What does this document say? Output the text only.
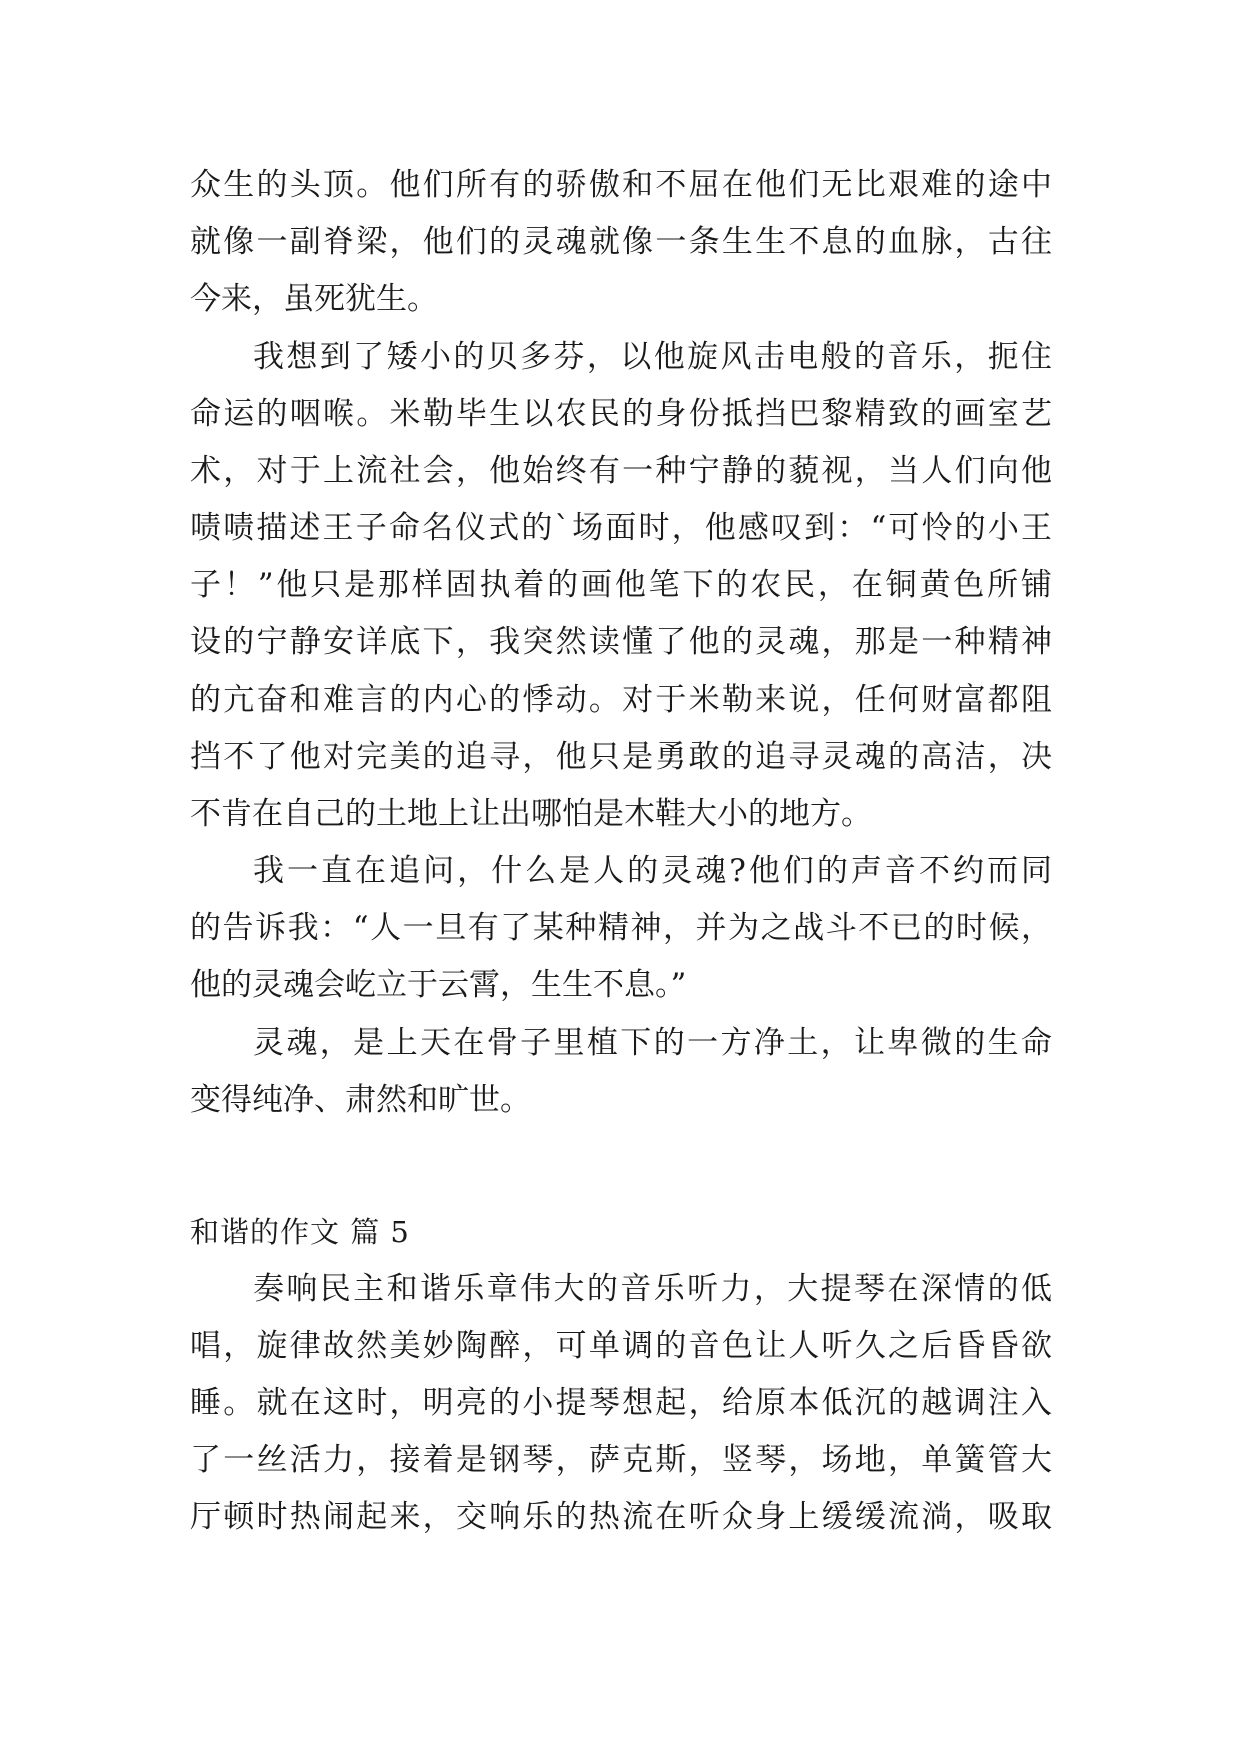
众生的头顶。他们所有的骄傲和不屈在他们无比艰难的途中
就像一副脊梁，他们的灵魂就像一条生生不息的血脉，古往
今来，虽死犹生。
我想到了矮小的贝多芬，以他旋风击电般的音乐，扼住
命运的咽喉。米勒毕生以农民的身份抵挡巴黎精致的画室艺
术，对于上流社会，他始终有一种宁静的藐视，当人们向他
啧啧描述王子命名仪式的`场面时，他感叹到：“可怜的小王
子！”他只是那样固执着的画他笔下的农民，在铜黄色所铺
设的宁静安详底下，我突然读懂了他的灵魂，那是一种精神
的亢奋和难言的内心的悸动。对于米勒来说，任何财富都阻
挡不了他对完美的追寻，他只是勇敢的追寻灵魂的高洁，决
不肯在自己的土地上让出哪怕是木鞋大小的地方。
我一直在追问，什么是人的灵魂?他们的声音不约而同
的告诉我：“人一旦有了某种精神，并为之战斗不已的时候，
他的灵魂会屹立于云霄，生生不息。”
灵魂，是上天在骨子里植下的一方净土，让卑微的生命
变得纯净、肃然和旷世。
和谐的作文 篇 5
奏响民主和谐乐章伟大的音乐听力，大提琴在深情的低
唱，旋律故然美妙陶醉，可单调的音色让人听久之后昏昏欲
睡。就在这时，明亮的小提琴想起，给原本低沉的越调注入
了一丝活力，接着是钢琴，萨克斯，竖琴，场地，单簧管大
厅顿时热闹起来，交响乐的热流在听众身上缓缓流淌，吸取
